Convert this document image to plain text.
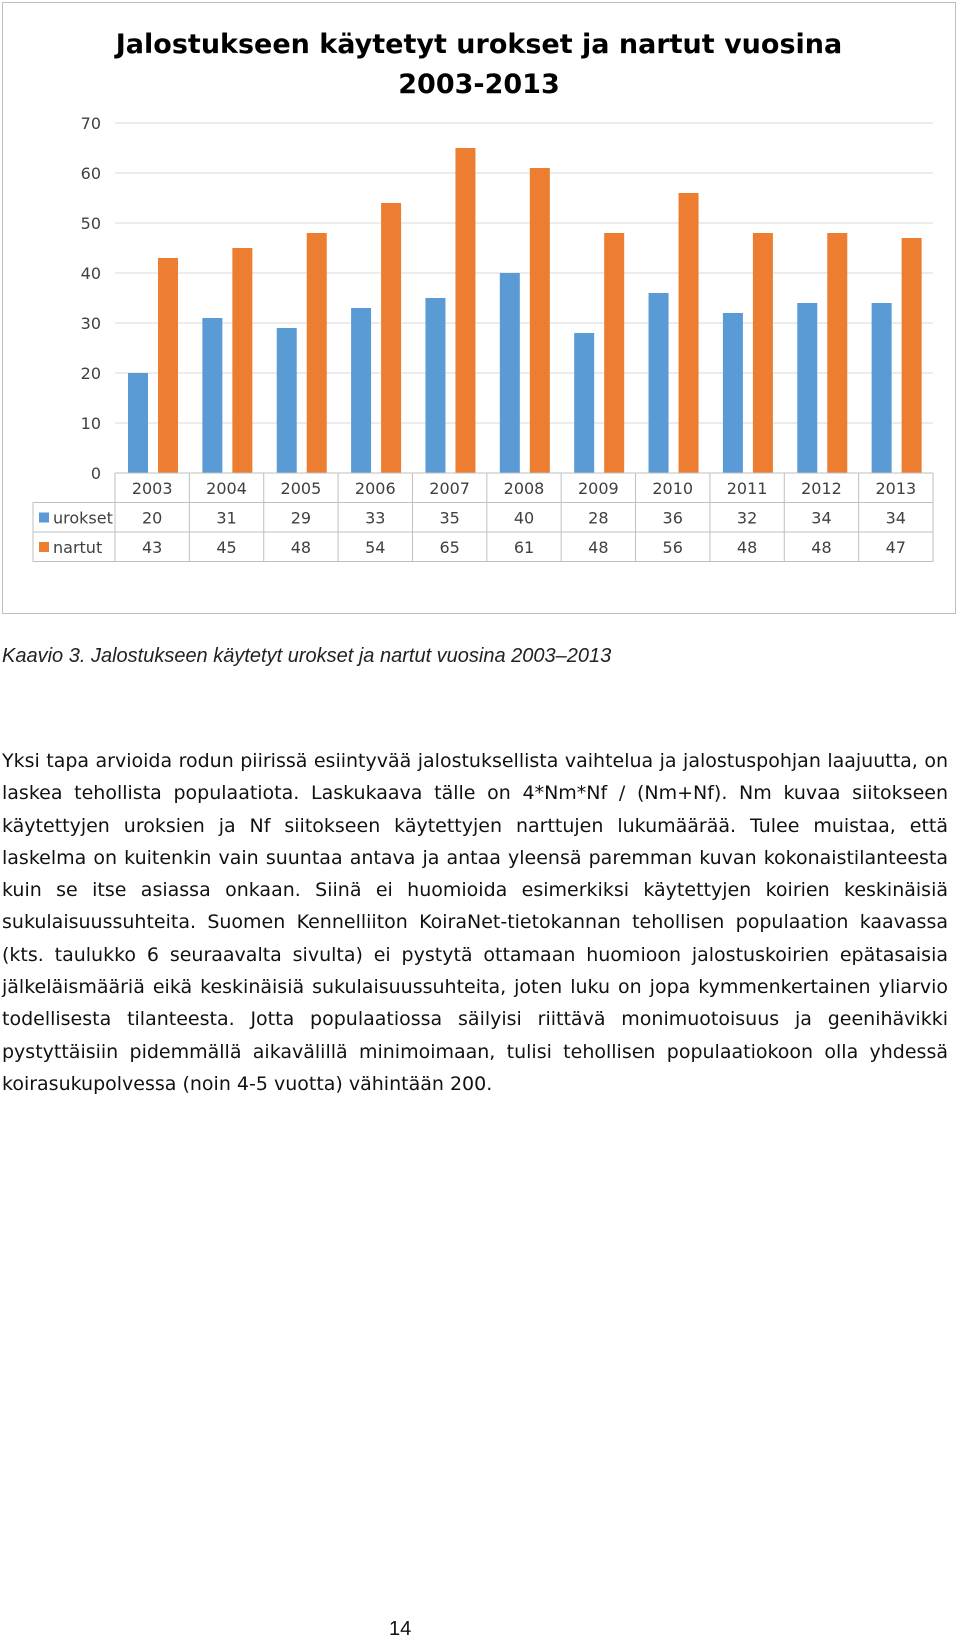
Jalostukseen käytetyt urokset ja nartut vuosina
2003-2013
0
10
20
30
40
50
60
70
2003 2004 2005 2006 2007 2008 2009 2010 2011 2012 2013
urokset 20	31	29	33	35	40	28	36	32	34	34
nartut 43	45	48	54	65	61	48	56	48	48	47
Kaavio 3. Jalostukseen käytetyt urokset ja nartut vuosina 2003–2013

Yksi tapa arvioida rodun piirissä esiintyvää jalostuksellista vaihtelua ja jalostuspohjan laajuutta, on laskea tehollista populaatiota. Laskukaava tälle on 4*Nm*Nf / (Nm+Nf). Nm kuvaa siitokseen käytettyjen uroksien ja Nf siitokseen käytettyjen narttujen lukumäärää. Tulee muistaa, että laskelma on kuitenkin vain suuntaa antava ja antaa yleensä paremman kuvan kokonaistilanteesta kuin se itse asiassa onkaan. Siinä ei huomioida esimerkiksi käytettyjen koirien keskinäisiä sukulaisuussuhteita. Suomen Kennelliiton KoiraNet-tietokannan tehollisen populaation kaavassa (kts. taulukko 6 seuraavalta sivulta) ei pystytä ottamaan huomioon jalostuskoirien epätasaisia jälkeläismääriä eikä keskinäisiä sukulaisuussuhteita, joten luku on jopa kymmenkertainen yliarvio todellisesta tilanteesta. Jotta populaatiossa säilyisi riittävä monimuotoisuus ja geenihävikki pystyttäisiin pidemmällä aikavälillä minimoimaan, tulisi tehollisen populaatiokoon olla yhdessä koirasukupolvessa (noin 4-5 vuotta) vähintään 200.

14
